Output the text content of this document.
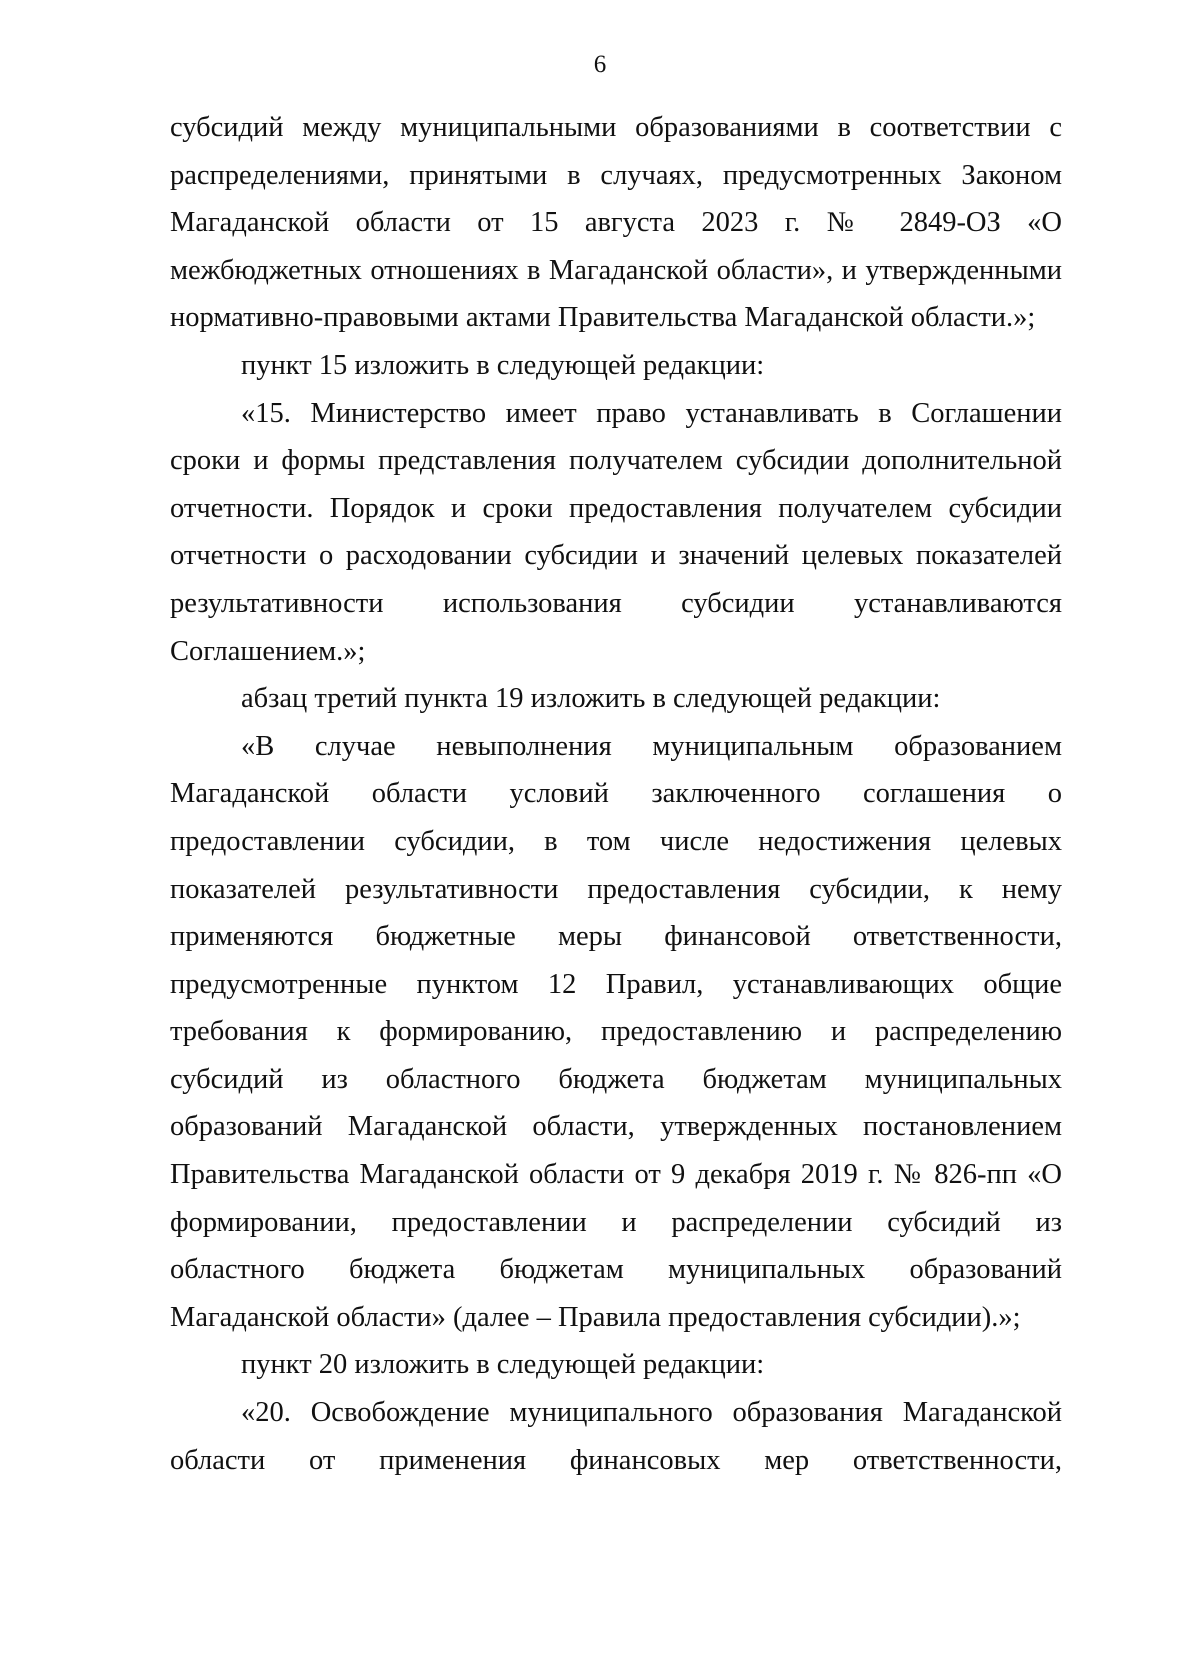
6

субсидий между муниципальными образованиями в соответствии с распределениями, принятыми в случаях, предусмотренных Законом Магаданской области от 15 августа 2023 г. № 2849-ОЗ «О межбюджетных отношениях в Магаданской области», и утвержденными нормативно-правовыми актами Правительства Магаданской области.»;

пункт 15 изложить в следующей редакции:

«15. Министерство имеет право устанавливать в Соглашении сроки и формы представления получателем субсидии дополнительной отчетности. Порядок и сроки предоставления получателем субсидии отчетности о расходовании субсидии и значений целевых показателей результативности использования субсидии устанавливаются Соглашением.»;

абзац третий пункта 19 изложить в следующей редакции:

«В случае невыполнения муниципальным образованием Магаданской области условий заключенного соглашения о предоставлении субсидии, в том числе недостижения целевых показателей результативности предоставления субсидии, к нему применяются бюджетные меры финансовой ответственности, предусмотренные пунктом 12 Правил, устанавливающих общие требования к формированию, предоставлению и распределению субсидий из областного бюджета бюджетам муниципальных образований Магаданской области, утвержденных постановлением Правительства Магаданской области от 9 декабря 2019 г. № 826-пп «О формировании, предоставлении и распределении субсидий из областного бюджета бюджетам муниципальных образований Магаданской области» (далее – Правила предоставления субсидии).»;

пункт 20 изложить в следующей редакции:

«20. Освобождение муниципального образования Магаданской области от применения финансовых мер ответственности,
